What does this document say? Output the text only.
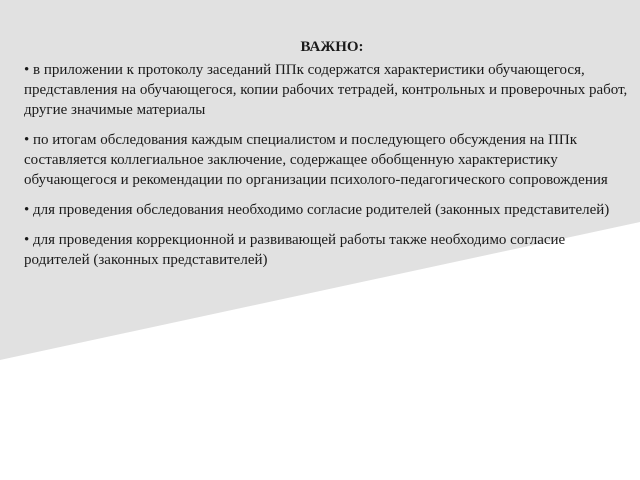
ВАЖНО:

• в приложении к протоколу заседаний ППк содержатся характеристики обучающегося, представления на обучающегося, копии рабочих тетрадей, контрольных и проверочных работ, другие значимые материалы

• по итогам обследования каждым специалистом и последующего обсуждения на ППк составляется коллегиальное заключение, содержащее обобщенную характеристику обучающегося и рекомендации по организации психолого-педагогического сопровождения

• для проведения обследования необходимо согласие родителей (законных представителей)

• для проведения коррекционной и развивающей работы также необходимо согласие родителей (законных представителей)
